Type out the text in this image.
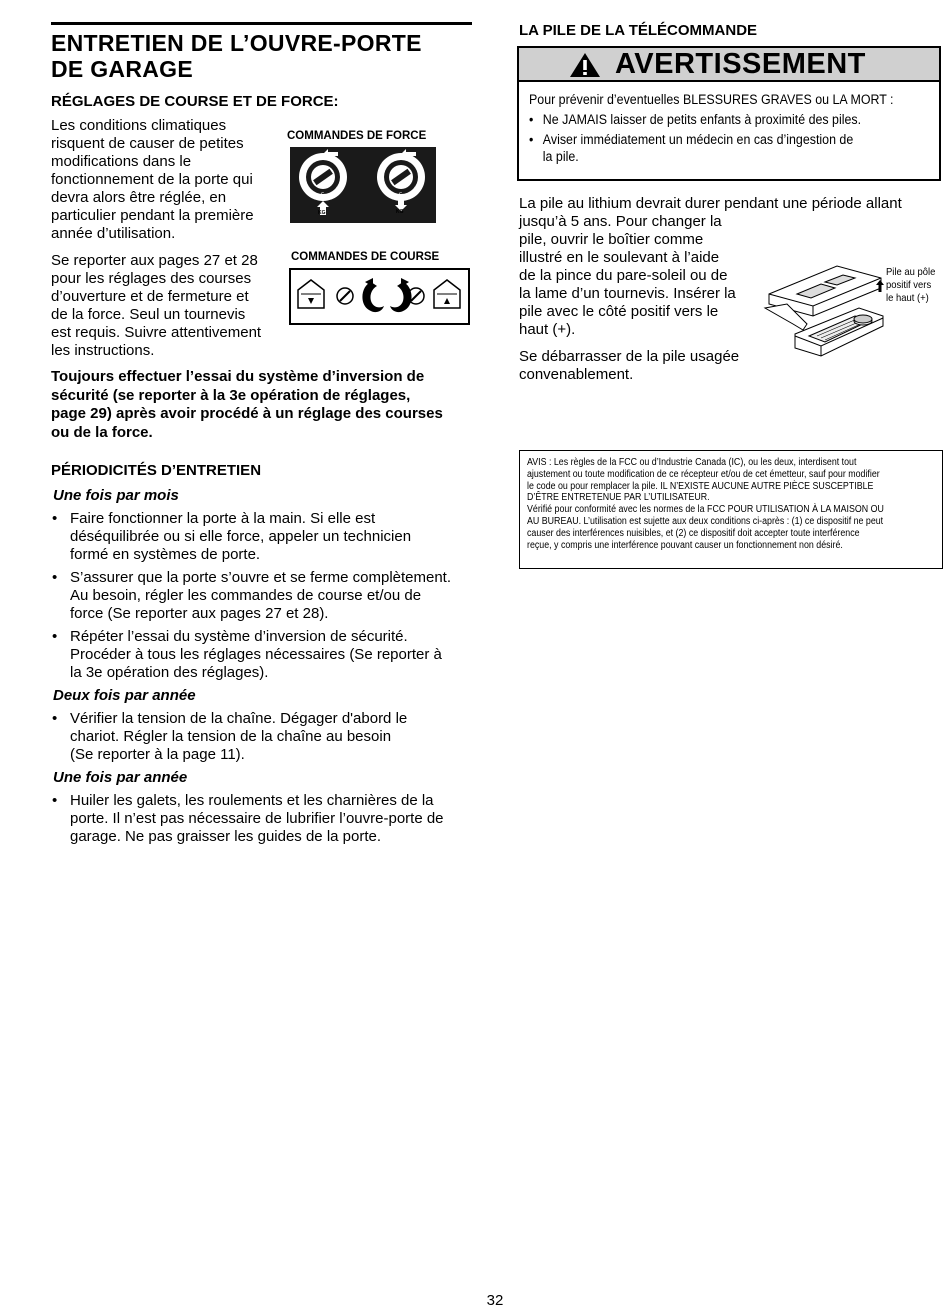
ENTRETIEN DE L’OUVRE-PORTE
DE GARAGE
RÉGLAGES DE COURSE ET DE FORCE:
Les conditions climatiques
risquent de causer de petites
modifications dans le
fonctionnement de la porte qui
devra alors être réglée, en
particulier pendant la première
année d’utilisation.
Se reporter aux pages 27 et 28
pour les réglages des courses
d’ouverture et de fermeture et
de la force. Seul un tournevis
est requis. Suivre attentivement
les instructions.
COMMANDES DE FORCE
9
7
5
3
1
KG
9
7
5
3
1
KG
COMMANDES DE COURSE
Toujours effectuer l’essai du système d’inversion de
sécurité (se reporter à la 3e opération de réglages,
page 29) après avoir procédé à un réglage des courses
ou de la force.
PÉRIODICITÉS D’ENTRETIEN
Une fois par mois
• Faire fonctionner la porte à la main. Si elle est
déséquilibrée ou si elle force, appeler un technicien
formé en systèmes de porte.
• S’assurer que la porte s’ouvre et se ferme complètement.
Au besoin, régler les commandes de course et/ou de
force (Se reporter aux pages 27 et 28).
• Répéter l’essai du système d’inversion de sécurité.
Procéder à tous les réglages nécessaires (Se reporter à
la 3e opération des réglages).
Deux fois par année
• Vérifier la tension de la chaîne. Dégager d'abord le
chariot. Régler la tension de la chaîne au besoin
(Se reporter à la page 11).
Une fois par année
• Huiler les galets, les roulements et les charnières de la
porte. Il n’est pas nécessaire de lubrifier l’ouvre-porte de
garage. Ne pas graisser les guides de la porte.
LA PILE DE LA TÉLÉCOMMANDE
AVERTISSEMENT
Pour prévenir d’eventuelles BLESSURES GRAVES ou LA MORT :
• Ne JAMAIS laisser de petits enfants à proximité des piles.
• Aviser immédiatement un médecin en cas d’ingestion de
la pile.
La pile au lithium devrait durer pendant une période allant
jusqu’à 5 ans. Pour changer la
pile, ouvrir le boîtier comme
illustré en le soulevant à l’aide
de la pince du pare-soleil ou de
la lame d’un tournevis. Insérer la
pile avec le côté positif vers le
haut (+).
Se débarrasser de la pile usagée
convenablement.
Pile au pôle
positif vers
le haut (+)
AVIS : Les règles de la FCC ou d’Industrie Canada (IC), ou les deux, interdisent tout
ajustement ou toute modification de ce récepteur et/ou de cet émetteur, sauf pour modifier
le code ou pour remplacer la pile. IL N’EXISTE AUCUNE AUTRE PIÈCE SUSCEPTIBLE
D’ÊTRE ENTRETENUE PAR L’UTILISATEUR.
Vérifié pour conformité avec les normes de la FCC POUR UTILISATION À LA MAISON OU
AU BUREAU. L’utilisation est sujette aux deux conditions ci-après : (1) ce dispositif ne peut
causer des interférences nuisibles, et (2) ce dispositif doit accepter toute interférence
reçue, y compris une interférence pouvant causer un fonctionnement non désiré.
32
